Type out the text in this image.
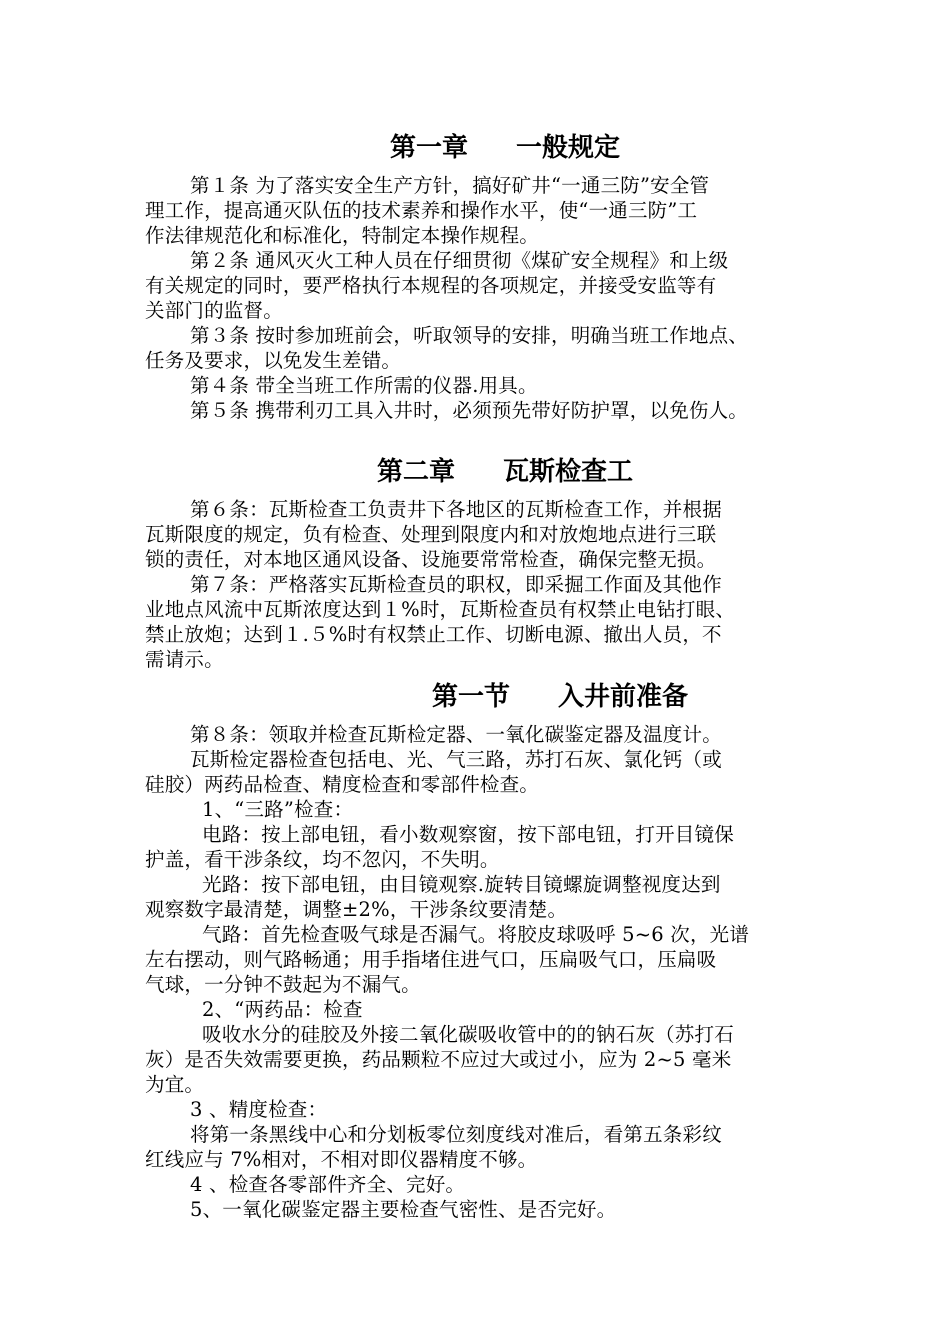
第一章 一般规定
第１条 为了落实安全生产方针，搞好矿井“一通三防”安全管
理工作，提高通灭队伍的技术素养和操作水平，使“一通三防”工
作法律规范化和标准化，特制定本操作规程。
第２条 通风灭火工种人员在仔细贯彻《煤矿安全规程》和上级
有关规定的同时，要严格执行本规程的各项规定，并接受安监等有
关部门的监督。
第３条 按时参加班前会，听取领导的安排，明确当班工作地点、
任务及要求，以免发生差错。
第４条 带全当班工作所需的仪器.用具。
第５条 携带利刃工具入井时，必须预先带好防护罩，以免伤人。
第二章 瓦斯检查工
第６条：瓦斯检查工负责井下各地区的瓦斯检查工作，并根据
瓦斯限度的规定，负有检查、处理到限度内和对放炮地点进行三联
锁的责任，对本地区通风设备、设施要常常检查，确保完整无损。
第７条：严格落实瓦斯检查员的职权，即采掘工作面及其他作
业地点风流中瓦斯浓度达到１%时，瓦斯检查员有权禁止电钻打眼、
禁止放炮；达到１.５%时有权禁止工作、切断电源、撤出人员，不
需请示。
第一节 入井前准备
第８条：领取并检查瓦斯检定器、一氧化碳鉴定器及温度计。
瓦斯检定器检查包括电、光、气三路，苏打石灰、氯化钙（或
硅胶）两药品检查、精度检查和零部件检查。
1、“三路”检查：
电路：按上部电钮，看小数观察窗，按下部电钮，打开目镜保
护盖，看干涉条纹，均不忽闪，不失明。
光路：按下部电钮，由目镜观察.旋转目镜螺旋调整视度达到
观察数字最清楚，调整±2%，干涉条纹要清楚。
气路：首先检查吸气球是否漏气。将胶皮球吸呼 5~6 次，光谱
左右摆动，则气路畅通；用手指堵住进气口，压扁吸气口，压扁吸
气球，一分钟不鼓起为不漏气。
2、“两药品：检查
吸收水分的硅胶及外接二氧化碳吸收管中的的钠石灰（苏打石
灰）是否失效需要更换，药品颗粒不应过大或过小，应为 2~5 毫米
为宜。
3 、精度检查：
将第一条黑线中心和分划板零位刻度线对准后，看第五条彩纹
红线应与 7%相对，不相对即仪器精度不够。
4 、检查各零部件齐全、完好。
5、一氧化碳鉴定器主要检查气密性、是否完好。
